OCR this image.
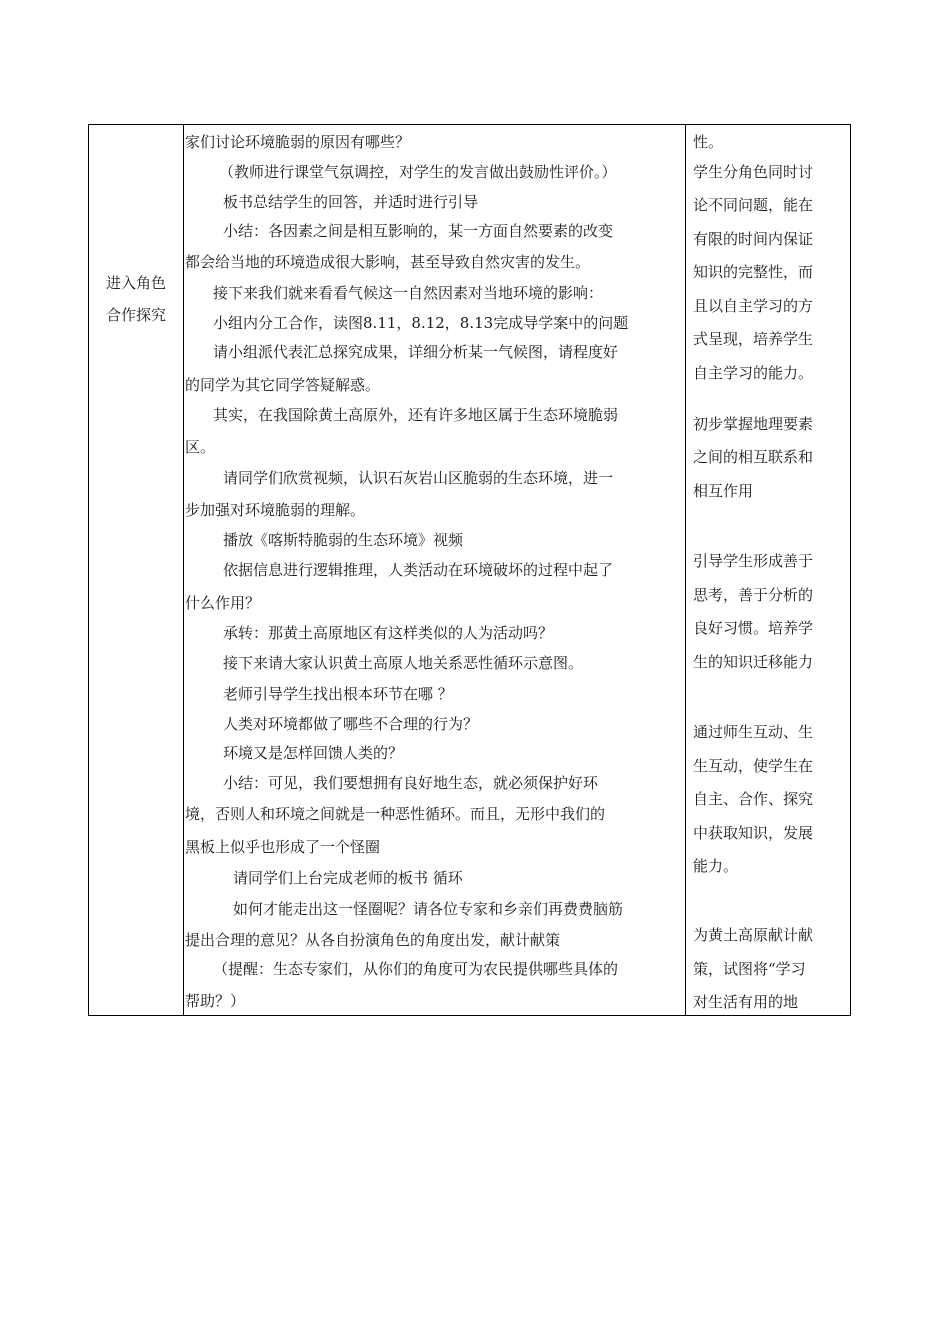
进入角色
合作探究

家们讨论环境脆弱的原因有哪些？

（教师进行课堂气氛调控，对学生的发言做出鼓励性评价。）

板书总结学生的回答，并适时进行引导

小结：各因素之间是相互影响的，某一方面自然要素的改变

都会给当地的环境造成很大影响，甚至导致自然灾害的发生。

接下来我们就来看看气候这一自然因素对当地环境的影响：

小组内分工合作，读图8.11，8.12，8.13完成导学案中的问题

请小组派代表汇总探究成果，详细分析某一气候图，请程度好

的同学为其它同学答疑解惑。

其实，在我国除黄土高原外，还有许多地区属于生态环境脆弱

区。

请同学们欣赏视频，认识石灰岩山区脆弱的生态环境，进一

步加强对环境脆弱的理解。

播放《喀斯特脆弱的生态环境》视频

依据信息进行逻辑推理，人类活动在环境破坏的过程中起了

什么作用？

承转：那黄土高原地区有这样类似的人为活动吗？

接下来请大家认识黄土高原人地关系恶性循环示意图。

老师引导学生找出根本环节在哪 ？

人类对环境都做了哪些不合理的行为？

环境又是怎样回馈人类的？

小结：可见，我们要想拥有良好地生态，就必须保护好环

境，否则人和环境之间就是一种恶性循环。而且，无形中我们的

黑板上似乎也形成了一个怪圈

请同学们上台完成老师的板书 循环

如何才能走出这一怪圈呢？请各位专家和乡亲们再费费脑筋

提出合理的意见？从各自扮演角色的角度出发，献计献策

（提醒：生态专家们，从你们的角度可为农民提供哪些具体的

帮助？）

性。

学生分角色同时讨

论不同问题，能在

有限的时间内保证

知识的完整性，而

且以自主学习的方

式呈现，培养学生

自主学习的能力。

初步掌握地理要素

之间的相互联系和

相互作用

引导学生形成善于

思考，善于分析的

良好习惯。培养学

生的知识迁移能力

通过师生互动、生

生互动，使学生在

自主、合作、探究

中获取知识，发展

能力。

为黄土高原献计献

策，试图将“学习

对生活有用的地
